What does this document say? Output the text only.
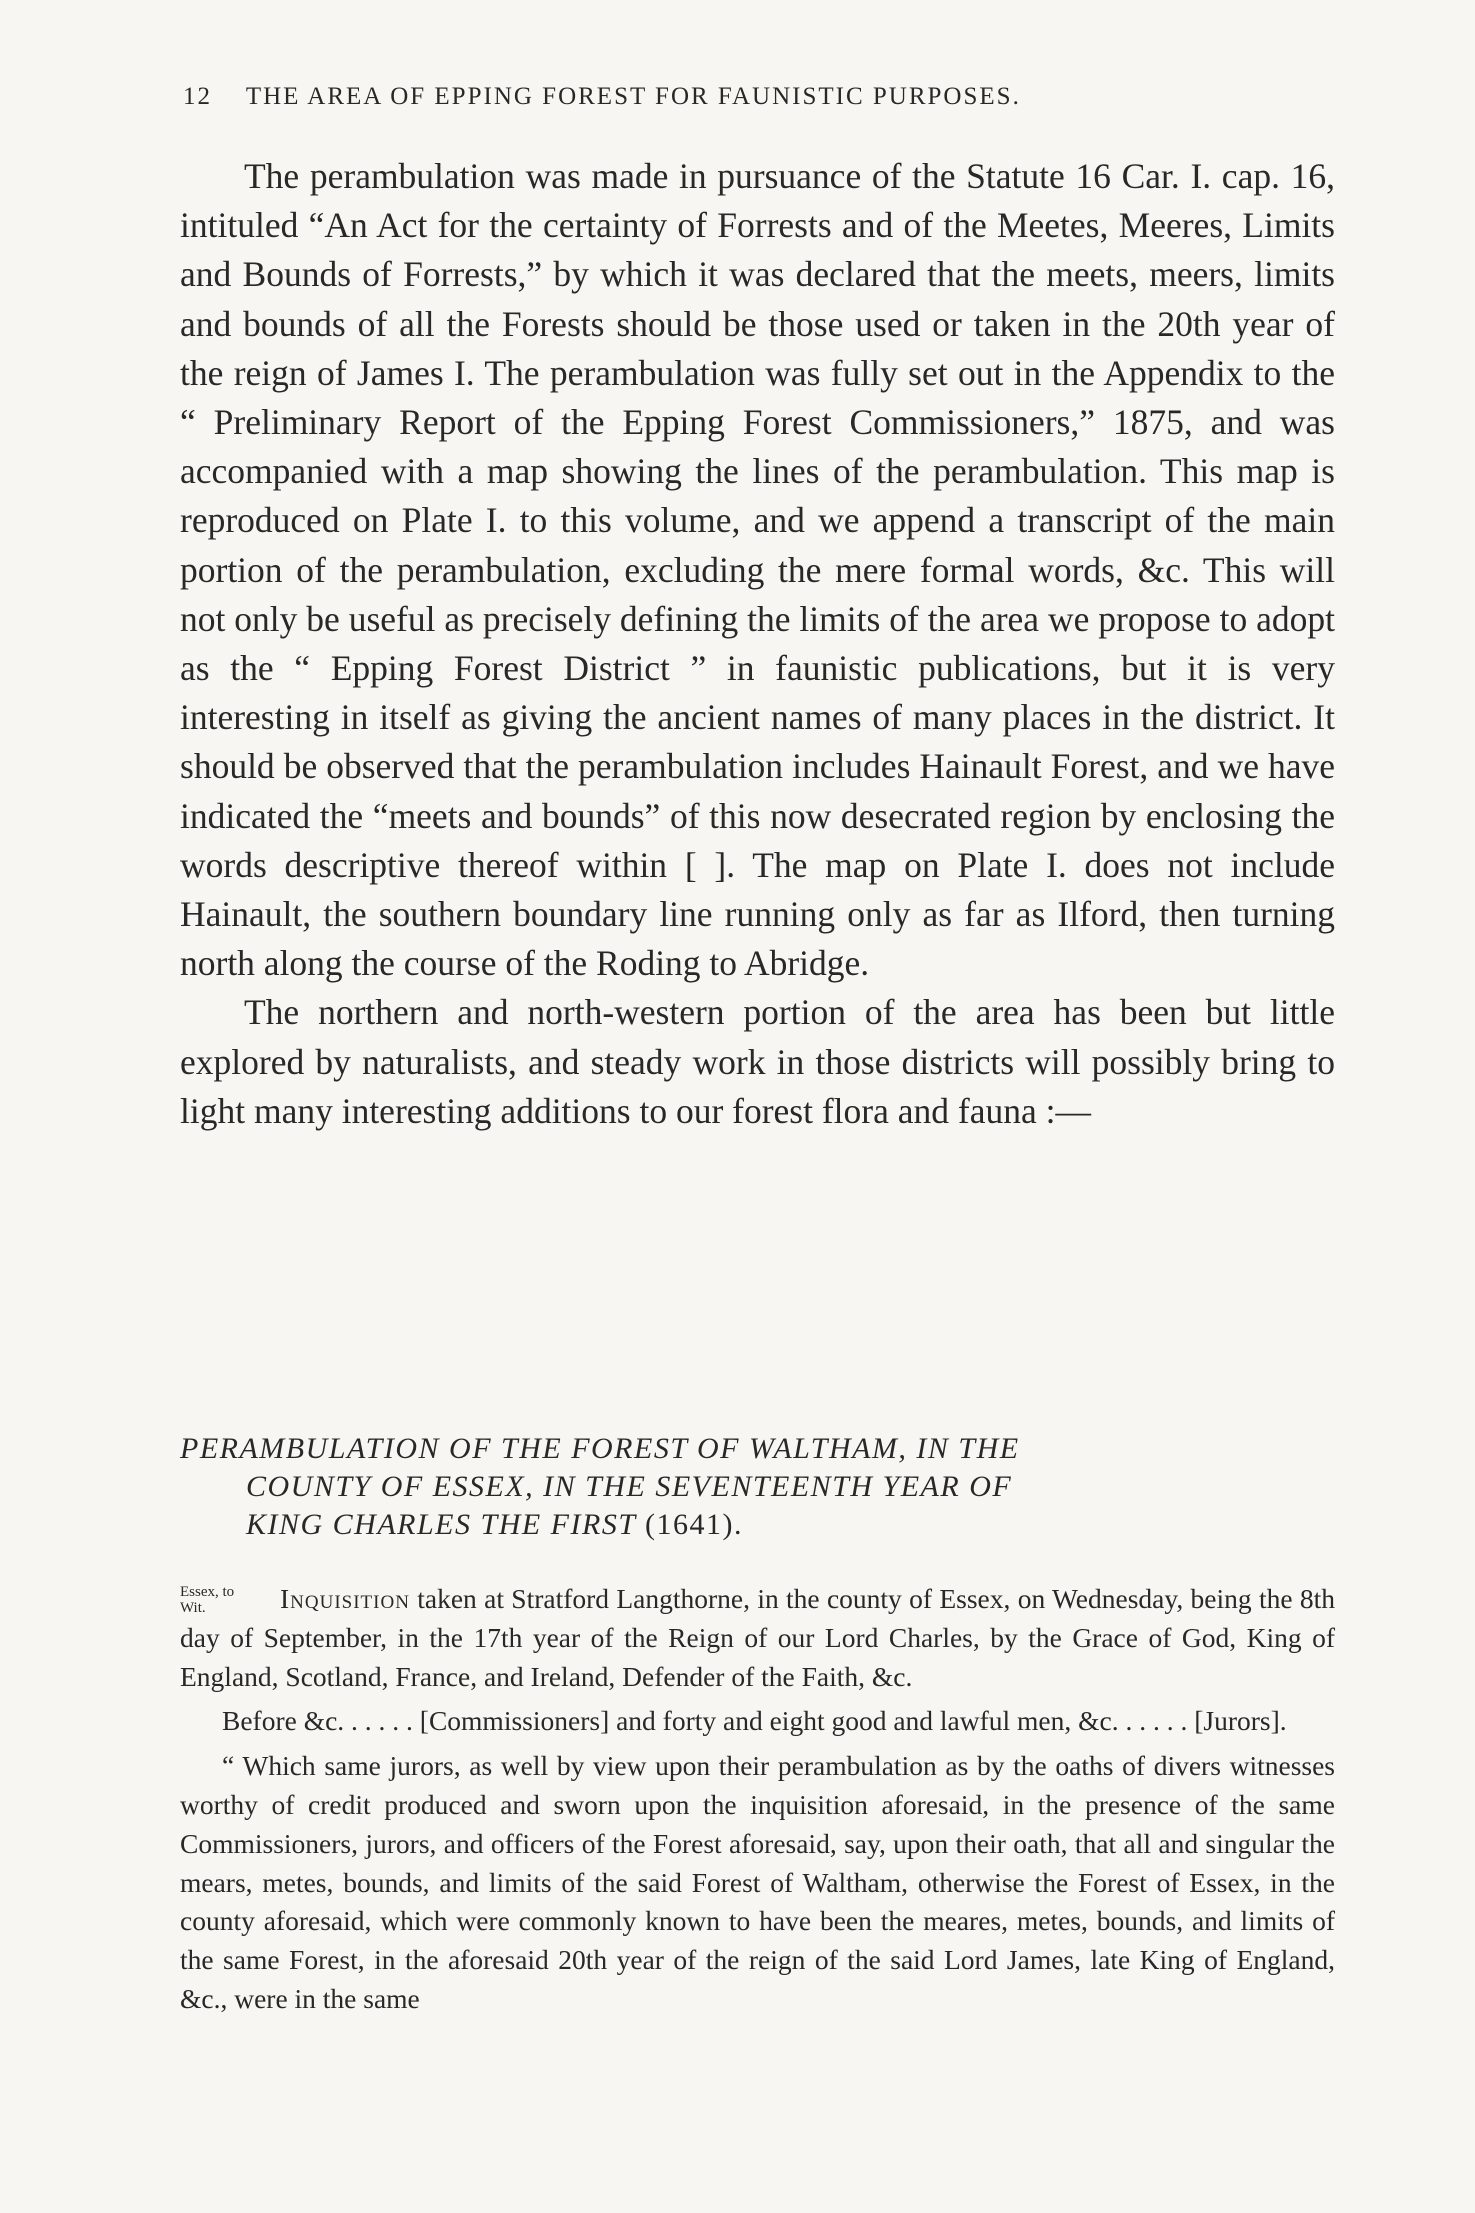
12 THE AREA OF EPPING FOREST FOR FAUNISTIC PURPOSES.

The perambulation was made in pursuance of the Statute 16 Car. I. cap. 16, intituled “An Act for the certainty of Forrests and of the Meetes, Meeres, Limits and Bounds of Forrests,” by which it was declared that the meets, meers, limits and bounds of all the Forests should be those used or taken in the 20th year of the reign of James I. The perambulation was fully set out in the Appendix to the “ Preliminary Report of the Epping Forest Commissioners,” 1875, and was accompanied with a map showing the lines of the perambulation. This map is reproduced on Plate I. to this volume, and we append a transcript of the main portion of the perambulation, excluding the mere formal words, &c. This will not only be useful as precisely defining the limits of the area we propose to adopt as the “ Epping Forest District ” in faunistic publications, but it is very interesting in itself as giving the ancient names of many places in the district. It should be observed that the perambulation includes Hainault Forest, and we have indicated the “meets and bounds” of this now desecrated region by enclosing the words descriptive thereof within [ ]. The map on Plate I. does not include Hainault, the southern boundary line running only as far as Ilford, then turning north along the course of the Roding to Abridge.

The northern and north-western portion of the area has been but little explored by naturalists, and steady work in those districts will possibly bring to light many interesting additions to our forest flora and fauna :—

PERAMBULATION OF THE FOREST OF WALTHAM, IN THE
COUNTY OF ESSEX, IN THE SEVENTEENTH YEAR OF
KING CHARLES THE FIRST (1641).

Essex, to
Wit.	Inquisition taken at Stratford Langthorne, in the county of Essex, on Wednesday, being the 8th day of September, in the 17th year of the Reign of our Lord Charles, by the Grace of God, King of England, Scotland, France, and Ireland, Defender of the Faith, &c.

Before &c. . . . . . [Commissioners] and forty and eight good and lawful men, &c. . . . . . [Jurors].

“ Which same jurors, as well by view upon their perambulation as by the oaths of divers witnesses worthy of credit produced and sworn upon the inquisition aforesaid, in the presence of the same Commissioners, jurors, and officers of the Forest aforesaid, say, upon their oath, that all and singular the mears, metes, bounds, and limits of the said Forest of Waltham, otherwise the Forest of Essex, in the county aforesaid, which were commonly known to have been the meares, metes, bounds, and limits of the same Forest, in the aforesaid 20th year of the reign of the said Lord James, late King of England, &c., were in the same
